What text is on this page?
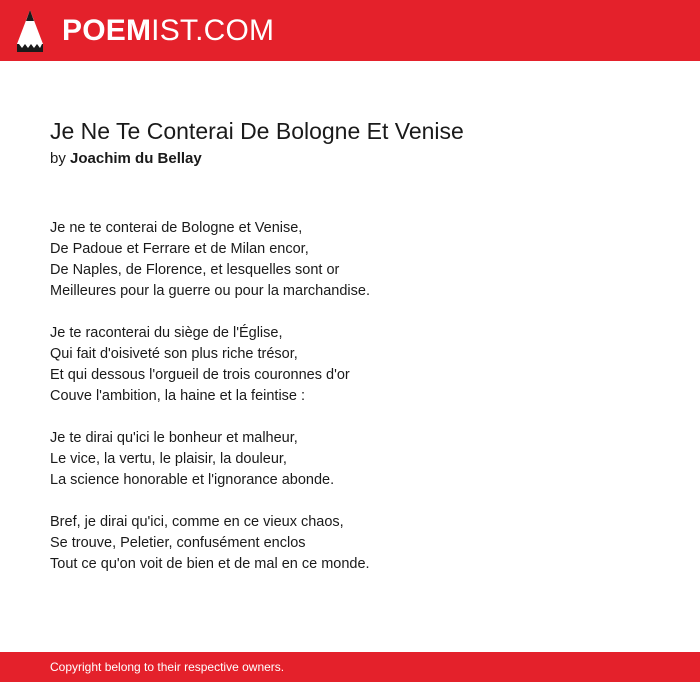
POEMIST.COM
Je Ne Te Conterai De Bologne Et Venise
by Joachim du Bellay
Je ne te conterai de Bologne et Venise,
De Padoue et Ferrare et de Milan encor,
De Naples, de Florence, et lesquelles sont or
Meilleures pour la guerre ou pour la marchandise.
Je te raconterai du siège de l'Église,
Qui fait d'oisiveté son plus riche trésor,
Et qui dessous l'orgueil de trois couronnes d'or
Couve l'ambition, la haine et la feintise :
Je te dirai qu'ici le bonheur et malheur,
Le vice, la vertu, le plaisir, la douleur,
La science honorable et l'ignorance abonde.
Bref, je dirai qu'ici, comme en ce vieux chaos,
Se trouve, Peletier, confusément enclos
Tout ce qu'on voit de bien et de mal en ce monde.
Copyright belong to their respective owners.
